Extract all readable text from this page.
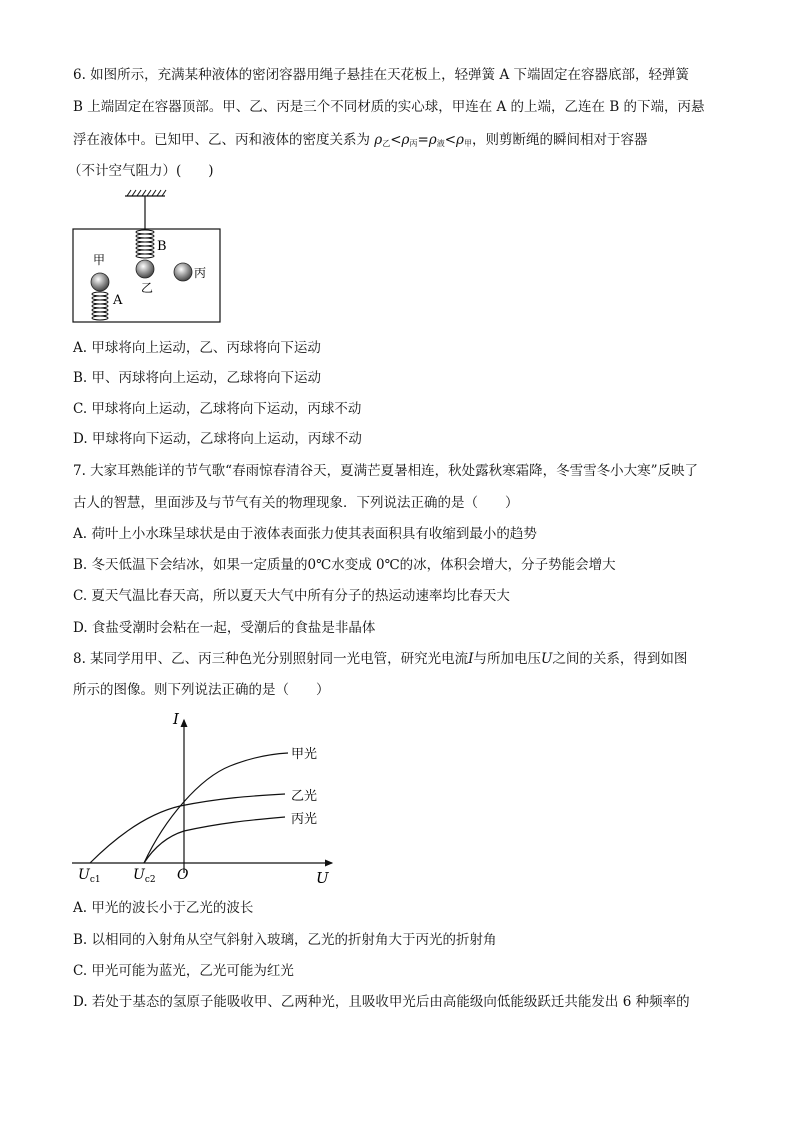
6. 如图所示，充满某种液体的密闭容器用绳子悬挂在天花板上，轻弹簧 A 下端固定在容器底部，轻弹簧
B 上端固定在容器顶部。甲、乙、丙是三个不同材质的实心球，甲连在 A 的上端，乙连在 B 的下端，丙悬
浮在液体中。已知甲、乙、丙和液体的密度关系为 $\rho_乙<\rho_丙=\rho_液<\rho_甲$，则剪断绳的瞬间相对于容器
（不计空气阻力）(　　)
B
乙
丙
甲
A
A. 甲球将向上运动，乙、丙球将向下运动
B. 甲、丙球将向上运动，乙球将向下运动
C. 甲球将向上运动，乙球将向下运动，丙球不动
D. 甲球将向下运动，乙球将向上运动，丙球不动
7. 大家耳熟能详的节气歌“春雨惊春清谷天，夏满芒夏暑相连，秋处露秋寒霜降，冬雪雪冬小大寒”反映了
古人的智慧，里面涉及与节气有关的物理现象．下列说法正确的是（　　）
A. 荷叶上小水珠呈球状是由于液体表面张力使其表面积具有收缩到最小的趋势
B. 冬天低温下会结冰，如果一定质量的0℃水变成 0℃的冰，体积会增大，分子势能会增大
C. 夏天气温比春天高，所以夏天大气中所有分子的热运动速率均比春天大
D. 食盐受潮时会粘在一起，受潮后的食盐是非晶体
8. 某同学用甲、乙、丙三种色光分别照射同一光电管，研究光电流I与所加电压U之间的关系，得到如图
所示的图像。则下列说法正确的是（　　）
I
U
O
$U_{c1}$ $U_{c2}$
甲光
乙光
丙光
A. 甲光的波长小于乙光的波长
B. 以相同的入射角从空气斜射入玻璃，乙光的折射角大于丙光的折射角
C. 甲光可能为蓝光，乙光可能为红光
D. 若处于基态的氢原子能吸收甲、乙两种光，且吸收甲光后由高能级向低能级跃迁共能发出 6 种频率的
